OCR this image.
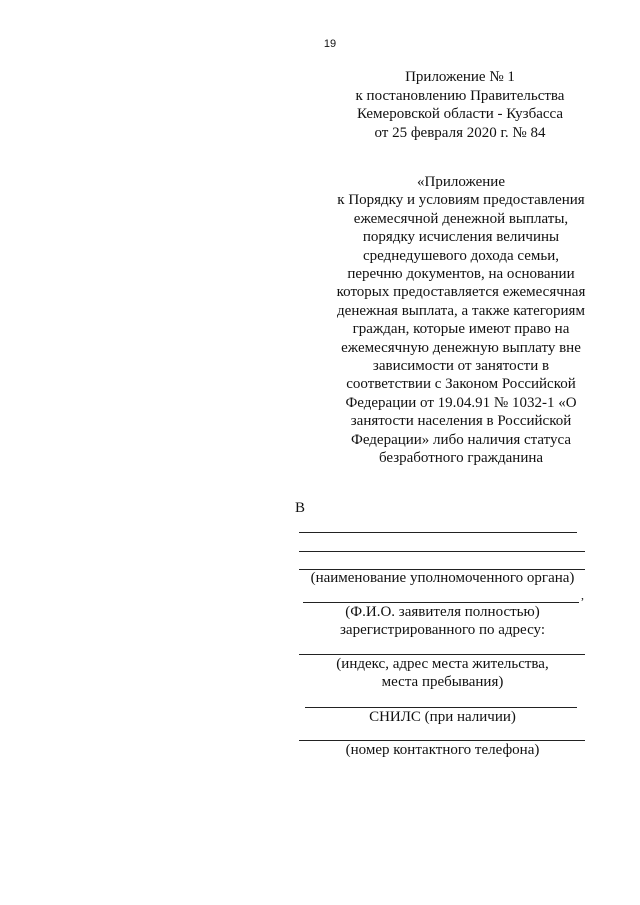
19
Приложение № 1
к постановлению Правительства
Кемеровской области - Кузбасса
от 25 февраля 2020 г. № 84
«Приложение
к Порядку и условиям предоставления
ежемесячной денежной выплаты,
порядку исчисления величины
среднедушевого дохода семьи,
перечню документов, на основании
которых предоставляется ежемесячная
денежная выплата, а также категориям
граждан, которые имеют право на
ежемесячную денежную выплату вне
зависимости от занятости в
соответствии с Законом Российской
Федерации от 19.04.91 № 1032-1 «О
занятости населения в Российской
Федерации» либо наличия статуса
безработного гражданина
В
(наименование уполномоченного органа)
,
(Ф.И.О. заявителя полностью)
зарегистрированного по адресу:
(индекс, адрес места жительства,
места пребывания)
СНИЛС (при наличии)
(номер контактного телефона)
